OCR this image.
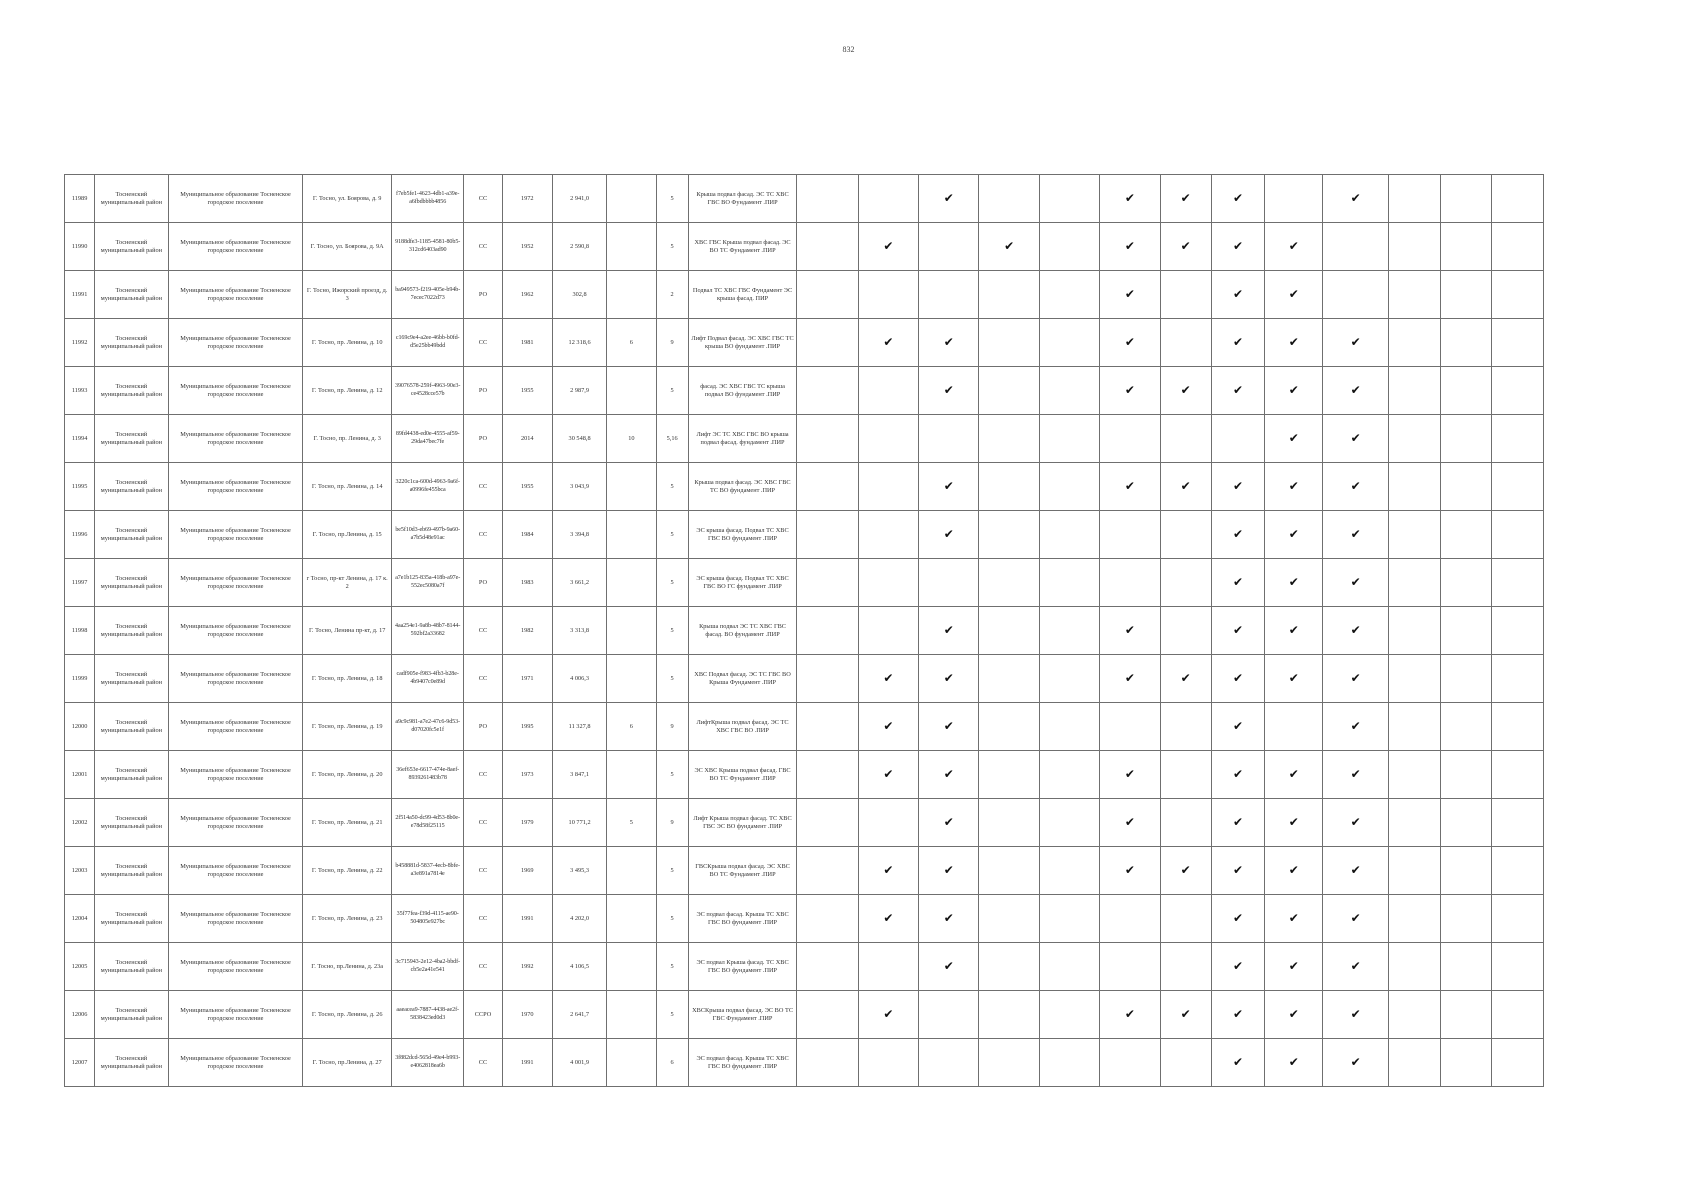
832
11989	Тосненский муниципальный район	Муниципальное образование Тосненское городское поселение	Г. Тосно, ул. Боярова, д. 9	f7eb5fe1-4623-4db1-a39e-a6fbdbbbb4856	СС	1972	2 941,0		5	Крыша подвал фасад. ЭС ТС ХВС ГВС ВО Фундамент .ПИР			✔			✔	✔	✔		✔			
11990	Тосненский муниципальный район	Муниципальное образование Тосненское городское поселение	Г. Тосно, ул. Боярова, д. 9А	9188dfe3-1185-4581-80b5-312cd6403ad90	СС	1952	2 590,8		5	ХВС ГВС Крыша подвал фасад. ЭС ВО ТС Фундамент .ПИР		✔		✔		✔	✔	✔	✔				
11991	Тосненский муниципальный район	Муниципальное образование Тосненское городское поселение	Г. Тосно, Ижорский проезд, д. 3	ba949573-f219-405e-b94b-7ecec7022d73	РО	1962	302,8		2	Подвал ТС ХВС ГВС Фундамент ЭС крыша фасад. ПИР						✔		✔	✔				
11992	Тосненский муниципальный район	Муниципальное образование Тосненское городское поселение	Г. Тосно, пр. Ленина, д. 10	c169c9e4-a2ee-46bb-b0fd-d5e25bb49bdd	СС	1981	12 318,6	6	9	Лифт Подвал фасад. ЭС ХВС ГВС ТС крыша ВО фундамент .ПИР		✔	✔			✔		✔	✔	✔			
11993	Тосненский муниципальный район	Муниципальное образование Тосненское городское поселение	Г. Тосно, пр. Ленина, д. 12	39076578-259f-4963-90e3-ce4528cce57b	РО	1955	2 987,9		5	фасад. ЭС ХВС ГВС ТС крыша подвал ВО фундамент .ПИР			✔			✔	✔	✔	✔	✔			
11994	Тосненский муниципальный район	Муниципальное образование Тосненское городское поселение	Г. Тосно, пр. Ленина, д. 3	89fd4438-ed0e-4555-af59-29da47bec7fe	РО	2014	30 548,8	10	5,16	Лифт ЭС ТС ХВС ГВС ВО крыша подвал фасад. фундамент .ПИР									✔	✔			
11995	Тосненский муниципальный район	Муниципальное образование Тосненское городское поселение	Г. Тосно, пр. Ленина, д. 14	3220c1ca-600d-4963-9a6f-a0996fe455bca	СС	1955	3 043,9		5	Крыша подвал фасад. ЭС ХВС ГВС ТС ВО фундамент .ПИР			✔			✔	✔	✔	✔	✔			
11996	Тосненский муниципальный район	Муниципальное образование Тосненское городское поселение	Г. Тосно, пр.Ленина, д. 15	be5f10d3-eb69-497b-9a60-a7b5d48e91ac	СС	1984	3 394,8		5	ЭС крыша фасад. Подвал ТС ХВС ГВС ВО фундамент .ПИР			✔					✔	✔	✔			
11997	Тосненский муниципальный район	Муниципальное образование Тосненское городское поселение	г Тосно, пр-кт Ленина, д. 17 к. 2	a7e1b125-835a-418b-a97e-552ec5080a7f	РО	1983	3 661,2		5	ЭС крыша фасад. Подвал ТС ХВС ГВС ВО ГС фундамент .ПИР								✔	✔	✔			
11998	Тосненский муниципальный район	Муниципальное образование Тосненское городское поселение	Г. Тосно, Ленина пр-кт, д. 17	4aa254e1-9a8b-48b7-8144-592bf2a33682	СС	1982	3 313,8		5	Крыша подвал ЭС ТС ХВС ГВС фасад. ВО фундамент .ПИР			✔			✔		✔	✔	✔			
11999	Тосненский муниципальный район	Муниципальное образование Тосненское городское поселение	Г. Тосно, пр. Ленина, д. 18	cadf905e-f983-4fb3-b28e-4b9407c0e89d	СС	1971	4 006,3		5	ХВС Подвал фасад. ЭС ТС ГВС ВО Крыша Фундамент .ПИР		✔	✔			✔	✔	✔	✔	✔			
12000	Тосненский муниципальный район	Муниципальное образование Тосненское городское поселение	Г. Тосно, пр. Ленина, д. 19	a9c9c981-a7e2-47c6-9d53-d07020fc5e1f	РО	1995	11 327,8	6	9	ЛифтКрыша подвал фасад. ЭС ТС ХВС ГВС ВО .ПИР		✔	✔					✔		✔			
12001	Тосненский муниципальный район	Муниципальное образование Тосненское городское поселение	Г. Тосно, пр. Ленина, д. 20	36ef653e-6617-474e-8aef-8939261483b78	СС	1973	3 847,1		5	ЭС ХВС Крыша подвал фасад. ГВС ВО ТС Фундамент .ПИР		✔	✔			✔		✔	✔	✔			
12002	Тосненский муниципальный район	Муниципальное образование Тосненское городское поселение	Г. Тосно, пр. Ленина, д. 21	2f514a50-dc99-4d53-8b0e-e78d58f25115	СС	1979	10 771,2	5	9	Лифт Крыша подвал фасад. ТС ХВС ГВС ЭС ВО фундамент .ПИР			✔			✔		✔	✔	✔			
12003	Тосненский муниципальный район	Муниципальное образование Тосненское городское поселение	Г. Тосно, пр. Ленина, д. 22	b458881d-5837-4ecb-8bfe-a3e891a7814e	СС	1969	3 495,3		5	ГВСКрыша подвал фасад. ЭС ХВС ВО ТС Фундамент .ПИР		✔	✔			✔	✔	✔	✔	✔			
12004	Тосненский муниципальный район	Муниципальное образование Тосненское городское поселение	Г. Тосно, пр. Ленина, д. 23	35f77fea-f39d-4115-ae90-504805e927bc	СС	1991	4 202,0		5	ЭС подвал фасад. Крыша ТС ХВС ГВС ВО фундамент .ПИР		✔	✔					✔	✔	✔			
12005	Тосненский муниципальный район	Муниципальное образование Тосненское городское поселение	Г. Тосно, пр.Ленина, д. 23а	3c715943-2e12-4ba2-bbdf-cb5e2a41e541	СС	1992	4 106,5		5	ЭС подвал Крыша фасад. ТС ХВС ГВС ВО фундамент .ПИР			✔					✔	✔	✔			
12006	Тосненский муниципальный район	Муниципальное образование Тосненское городское поселение	Г. Тосно, пр. Ленина, д. 26	aaeacea9-7887-4438-ae2f-5838423ed0d3	ССРО	1970	2 641,7		5	ХВСКрыша подвал фасад. ЭС ВО ТС ГВС Фундамент .ПИР		✔				✔	✔	✔	✔	✔			
12007	Тосненский муниципальный район	Муниципальное образование Тосненское городское поселение	Г. Тосно, пр.Ленина, д. 27	3f882dcd-565d-49e4-b993-e4062818ea6b	СС	1991	4 001,9		6	ЭС подвал фасад. Крыша ТС ХВС ГВС ВО фундамент .ПИР								✔	✔	✔			
